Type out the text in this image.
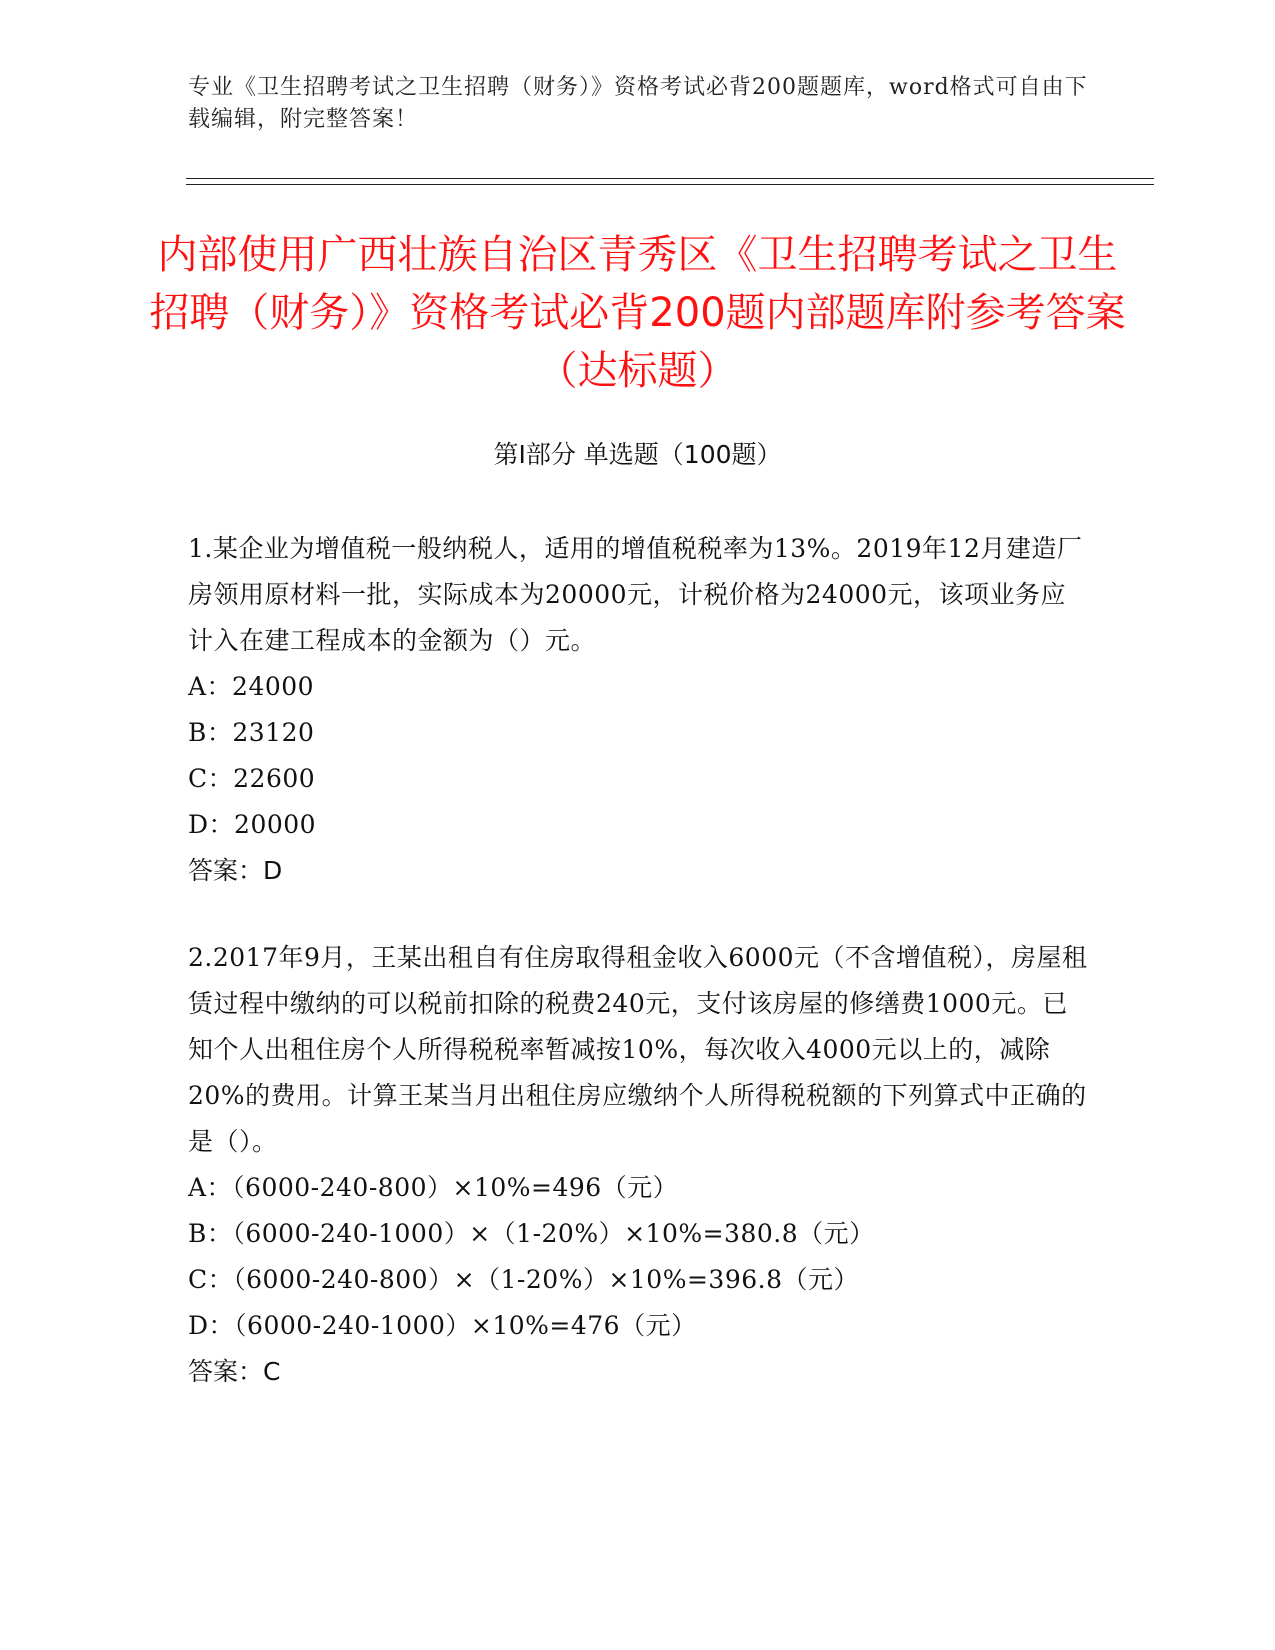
专业《卫生招聘考试之卫生招聘（财务）》资格考试必背200题题库，word格式可自由下载编辑，附完整答案！
内部使用广西壮族自治区青秀区《卫生招聘考试之卫生招聘（财务）》资格考试必背200题内部题库附参考答案（达标题）
第Ⅰ部分 单选题（100题）

1.某企业为增值税一般纳税人，适用的增值税税率为13%。2019年12月建造厂房领用原材料一批，实际成本为20000元，计税价格为24000元，该项业务应计入在建工程成本的金额为（）元。

A：24000
B：23120
C：22600
D：20000

答案：D

2.2017年9月，王某出租自有住房取得租金收入6000元（不含增值税），房屋租赁过程中缴纳的可以税前扣除的税费240元，支付该房屋的修缮费1000元。已知个人出租住房个人所得税税率暂减按10%，每次收入4000元以上的，减除20%的费用。计算王某当月出租住房应缴纳个人所得税税额的下列算式中正确的是（）。

A：（6000-240-800）×10%=496（元）
B：（6000-240-1000）×（1-20%）×10%=380.8（元）
C：（6000-240-800）×（1-20%）×10%=396.8（元）
D：（6000-240-1000）×10%=476（元）

答案：C
